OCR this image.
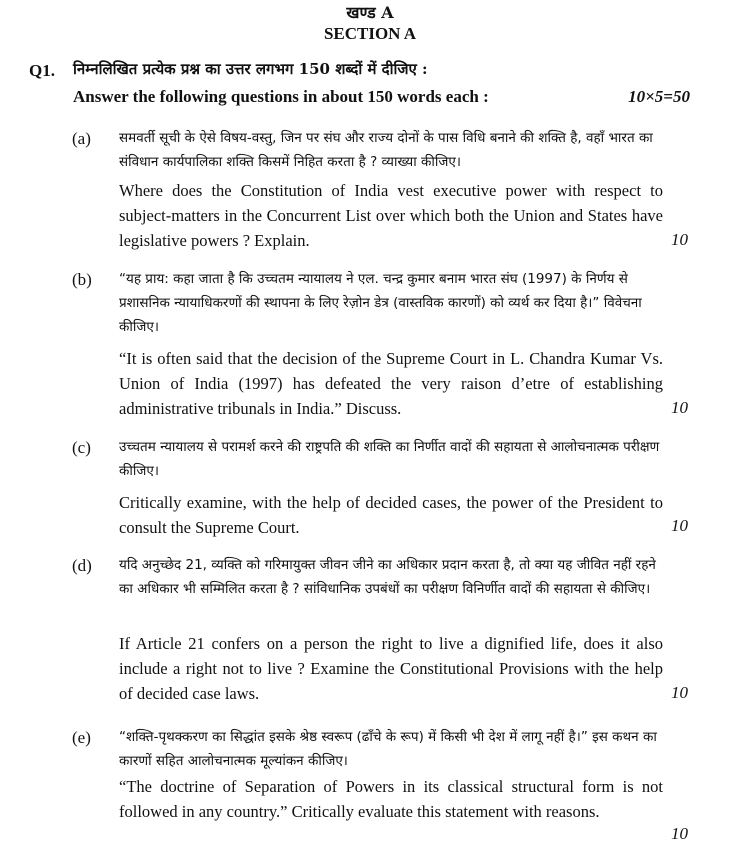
खण्ड A
SECTION A
Q1. निम्नलिखित प्रत्येक प्रश्न का उत्तर लगभग 150 शब्दों में दीजिए :
Answer the following questions in about 150 words each :	10×5=50
(a) समवर्ती सूची के ऐसे विषय-वस्तु, जिन पर संघ और राज्य दोनों के पास विधि बनाने की शक्ति है, वहाँ भारत का संविधान कार्यपालिका शक्ति किसमें निहित करता है ? व्याख्या कीजिए।
Where does the Constitution of India vest executive power with respect to subject-matters in the Concurrent List over which both the Union and States have legislative powers ? Explain.	10
(b) “यह प्राय: कहा जाता है कि उच्चतम न्यायालय ने एल. चन्द्र कुमार बनाम भारत संघ (1997) के निर्णय से प्रशासनिक न्यायाधिकरणों की स्थापना के लिए रेज़ोन डेत्र (वास्तविक कारणों) को व्यर्थ कर दिया है।” विवेचना कीजिए।
“It is often said that the decision of the Supreme Court in L. Chandra Kumar Vs. Union of India (1997) has defeated the very raison d’etre of establishing administrative tribunals in India.” Discuss.	10
(c) उच्चतम न्यायालय से परामर्श करने की राष्ट्रपति की शक्ति का निर्णीत वादों की सहायता से आलोचनात्मक परीक्षण कीजिए।
Critically examine, with the help of decided cases, the power of the President to consult the Supreme Court.	10
(d) यदि अनुच्छेद 21, व्यक्ति को गरिमायुक्त जीवन जीने का अधिकार प्रदान करता है, तो क्या यह जीवित नहीं रहने का अधिकार भी सम्मिलित करता है ? सांविधानिक उपबंधों का परीक्षण विनिर्णीत वादों की सहायता से कीजिए।
If Article 21 confers on a person the right to live a dignified life, does it also include a right not to live ? Examine the Constitutional Provisions with the help of decided case laws.	10
(e) “शक्ति-पृथक्करण का सिद्धांत इसके श्रेष्ठ स्वरूप (ढाँचे के रूप) में किसी भी देश में लागू नहीं है।” इस कथन का कारणों सहित आलोचनात्मक मूल्यांकन कीजिए।
“The doctrine of Separation of Powers in its classical structural form is not followed in any country.” Critically evaluate this statement with reasons.
10
